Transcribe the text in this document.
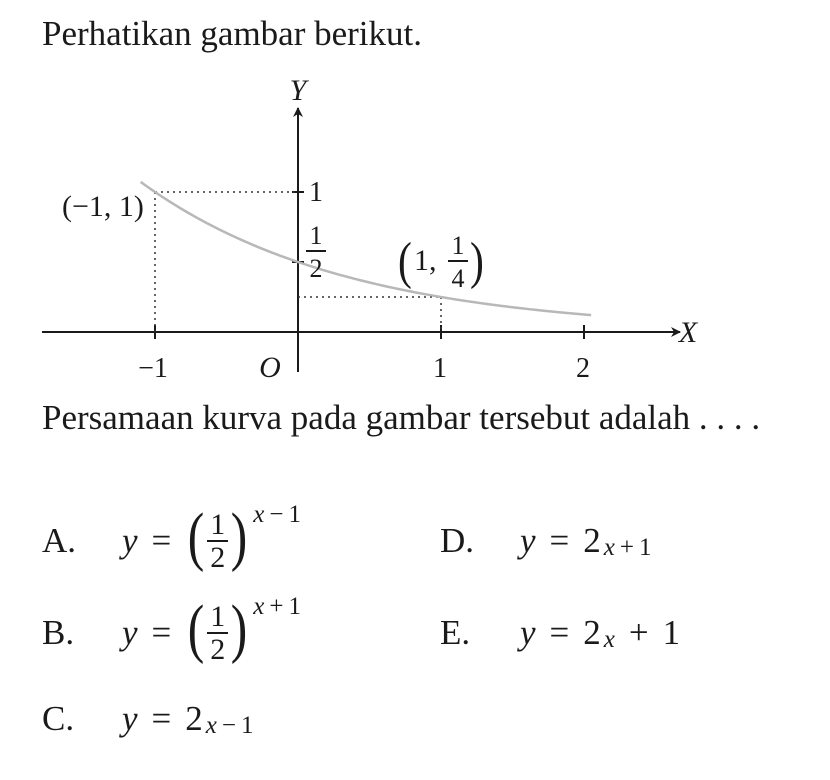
Perhatikan gambar berikut.

Y
X
O
−1	1	2
1
1
2
(−1, 1)
( 1, 1
4 )

Persamaan kurva pada gambar tersebut adalah . . . .

A.	y = ( $\frac{1}{2}$ ) x − 1
D.	y = 2 x + 1
B.	y = ( $\frac{1}{2}$ ) x + 1
E.	y = 2 x + 1
C.	y = 2 x − 1
